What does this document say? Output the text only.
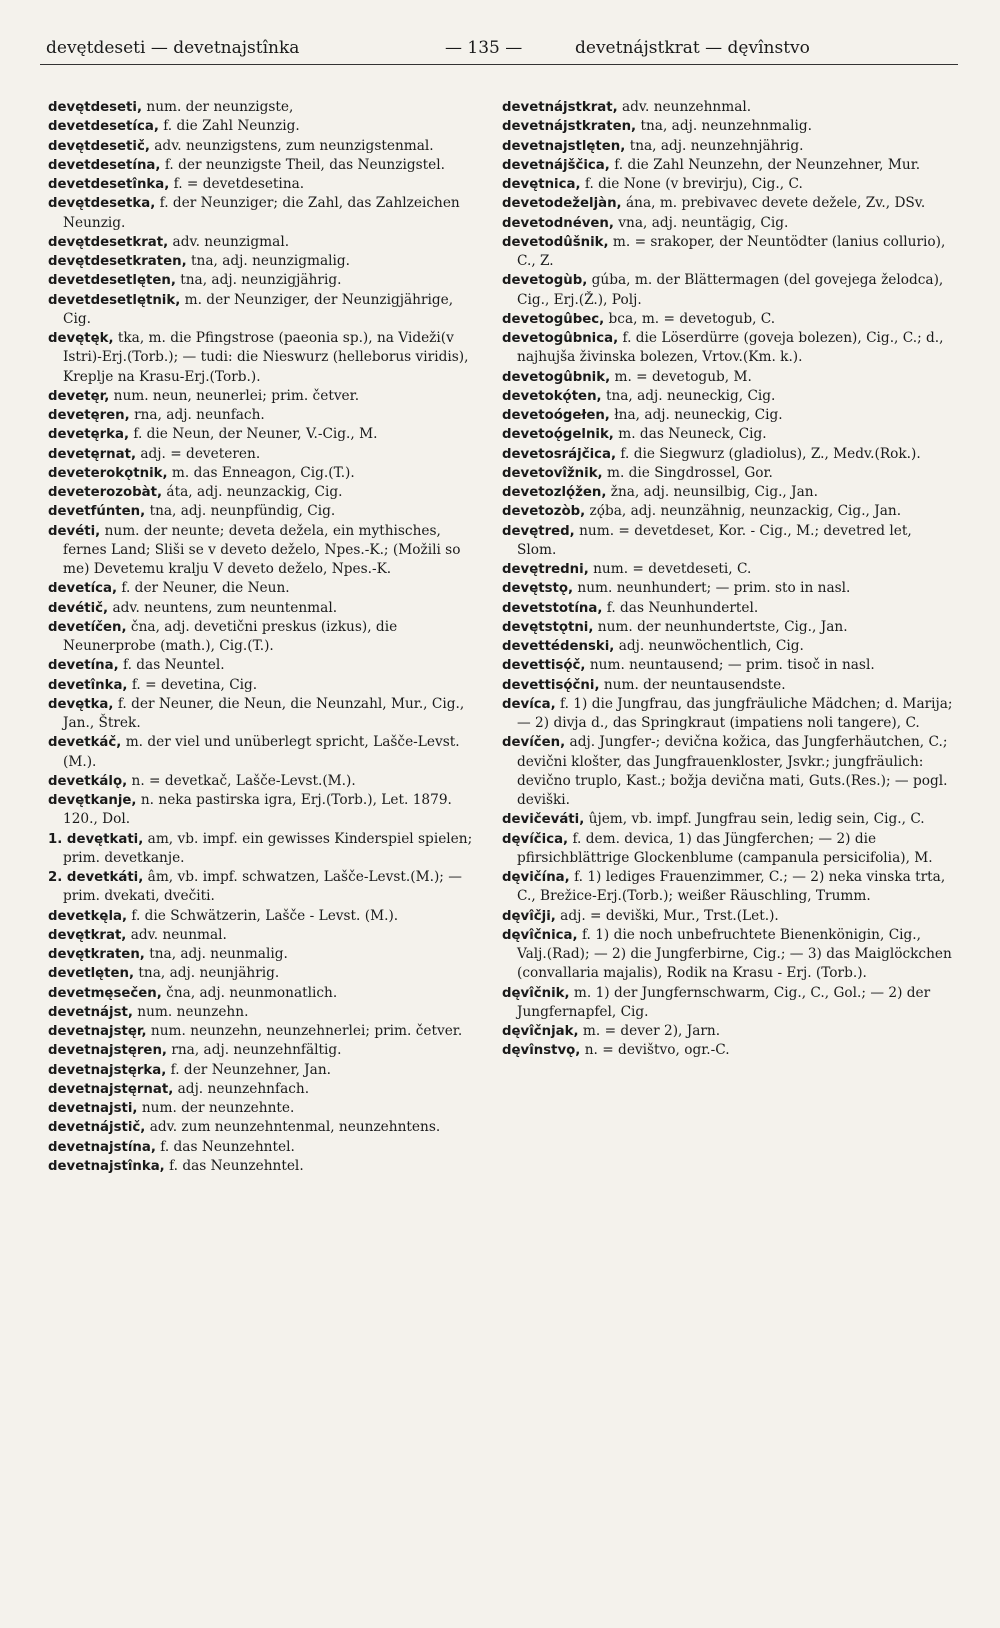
devętdeseti — devetnajstînka	— 135 —	devetnájstkrat — dęvînstvo

devętdeseti, num. der neunzigste,

devetdesetíca, f. die Zahl Neunzig.

devętdesetič, adv. neunzigstens, zum neunzigstenmal.

devetdesetína, f. der neunzigste Theil, das Neunzigstel.

devetdesetînka, f. = devetdesetina.

devętdesetka, f. der Neunziger; die Zahl, das Zahlzeichen Neunzig.

devętdesetkrat, adv. neunzigmal.

devętdesetkraten, tna, adj. neunzigmalig.

devetdesetlęten, tna, adj. neunzigjährig.

devetdesetlętnik, m. der Neunziger, der Neunzigjährige, Cig.

devętęk, tka, m. die Pfingstrose (paeonia sp.), na Videži(v Istri)-Erj.(Torb.); — tudi: die Nieswurz (helleborus viridis), Kreplje na Krasu-Erj.(Torb.).

devetęr, num. neun, neunerlei; prim. četver.

devetęren, rna, adj. neunfach.

devetęrka, f. die Neun, der Neuner, V.-Cig., M.

devetęrnat, adj. = deveteren.

deveterokǫtnik, m. das Enneagon, Cig.(T.).

deveterozobàt, áta, adj. neunzackig, Cig.

devetfúnten, tna, adj. neunpfündig, Cig.

devéti, num. der neunte; deveta dežela, ein mythisches, fernes Land; Sliši se v deveto deželo, Npes.-K.; (Možili so me) Devetemu kralju V deveto deželo, Npes.-K.

devetíca, f. der Neuner, die Neun.

devétič, adv. neuntens, zum neuntenmal.

devetíčen, čna, adj. devetični preskus (izkus), die Neunerprobe (math.), Cig.(T.).

devetína, f. das Neuntel.

devetînka, f. = devetina, Cig.

devętka, f. der Neuner, die Neun, die Neunzahl, Mur., Cig., Jan., Štrek.

devetkáč, m. der viel und unüberlegt spricht, Lašče-Levst.(M.).

devetkálǫ, n. = devetkač, Lašče-Levst.(M.).

devętkanje, n. neka pastirska igra, Erj.(Torb.), Let. 1879. 120., Dol.

1. devętkati, am, vb. impf. ein gewisses Kinderspiel spielen; prim. devetkanje.

2. devetkáti, âm, vb. impf. schwatzen, Lašče-Levst.(M.); — prim. dvekati, dvečiti.

devetkęla, f. die Schwätzerin, Lašče - Levst. (M.).

devętkrat, adv. neunmal.

devętkraten, tna, adj. neunmalig.

devetlęten, tna, adj. neunjährig.

devetmęsečen, čna, adj. neunmonatlich.

devetnájst, num. neunzehn.

devetnajstęr, num. neunzehn, neunzehnerlei; prim. četver.

devetnajstęren, rna, adj. neunzehnfältig.

devetnajstęrka, f. der Neunzehner, Jan.

devetnajstęrnat, adj. neunzehnfach.

devetnajsti, num. der neunzehnte.

devetnájstič, adv. zum neunzehntenmal, neunzehntens.

devetnajstína, f. das Neunzehntel.

devetnajstînka, f. das Neunzehntel.

devetnájstkrat, adv. neunzehnmal.

devetnájstkraten, tna, adj. neunzehnmalig.

devetnajstlęten, tna, adj. neunzehnjährig.

devetnájščica, f. die Zahl Neunzehn, der Neunzehner, Mur.

devętnica, f. die None (v brevirju), Cig., C.

devetodeželjàn, ána, m. prebivavec devete dežele, Zv., DSv.

devetodnéven, vna, adj. neuntägig, Cig.

devetodûšnik, m. = srakoper, der Neuntödter (lanius collurio), C., Z.

devetogùb, gúba, m. der Blättermagen (del govejega želodca), Cig., Erj.(Ž.), Polj.

devetogûbec, bca, m. = devetogub, C.

devetogûbnica, f. die Löserdürre (goveja bolezen), Cig., C.; d., najhujša živinska bolezen, Vrtov.(Km. k.).

devetogûbnik, m. = devetogub, M.

devetokǫ́ten, tna, adj. neuneckig, Cig.

devetoógełen, łna, adj. neuneckig, Cig.

devetoǫ́gelnik, m. das Neuneck, Cig.

devetosrájčica, f. die Siegwurz (gladiolus), Z., Medv.(Rok.).

devetovîžnik, m. die Singdrossel, Gor.

devetozlǫ́žen, žna, adj. neunsilbig, Cig., Jan.

devetozòb, zǫ́ba, adj. neunzähnig, neunzackig, Cig., Jan.

devętred, num. = devetdeset, Kor. - Cig., M.; devetred let, Slom.

devętredni, num. = devetdeseti, C.

devętstǫ, num. neunhundert; — prim. sto in nasl.

devetstotína, f. das Neunhundertel.

devętstǫtni, num. der neunhundertste, Cig., Jan.

devettédenski, adj. neunwöchentlich, Cig.

devettisǫ́č, num. neuntausend; — prim. tisoč in nasl.

devettisǫ́čni, num. der neuntausendste.

devíca, f. 1) die Jungfrau, das jungfräuliche Mädchen; d. Marija; — 2) divja d., das Springkraut (impatiens noli tangere), C.

devíčen, adj. Jungfer-; devična kožica, das Jungferhäutchen, C.; devični klošter, das Jungfrauenkloster, Jsvkr.; jungfräulich: devično truplo, Kast.; božja devična mati, Guts.(Res.); — pogl. deviški.

devičeváti, ûjem, vb. impf. Jungfrau sein, ledig sein, Cig., C.

dęvíčica, f. dem. devica, 1) das Jüngferchen; — 2) die pfirsichblättrige Glockenblume (campanula persicifolia), M.

dęvičína, f. 1) lediges Frauenzimmer, C.; — 2) neka vinska trta, C., Brežice-Erj.(Torb.); weißer Räuschling, Trumm.

dęvîčji, adj. = deviški, Mur., Trst.(Let.).

dęvîčnica, f. 1) die noch unbefruchtete Bienenkönigin, Cig., Valj.(Rad); — 2) die Jungferbirne, Cig.; — 3) das Maiglöckchen (convallaria majalis), Rodik na Krasu - Erj. (Torb.).

dęvîčnik, m. 1) der Jungfernschwarm, Cig., C., Gol.; — 2) der Jungfernapfel, Cig.

dęvîčnjak, m. = dever 2), Jarn.

dęvînstvǫ, n. = devištvo, ogr.-C.
